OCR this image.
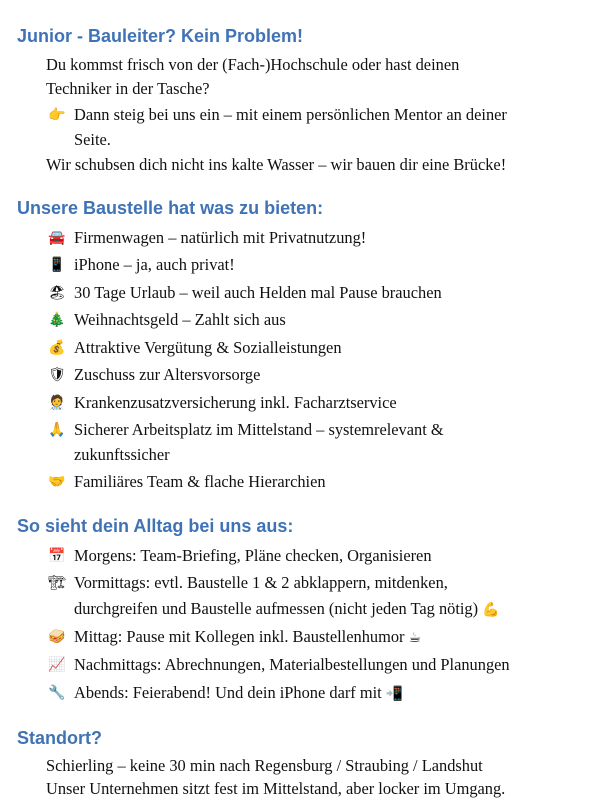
Junior - Bauleiter? Kein Problem!

Du kommst frisch von der (Fach-)Hochschule oder hast deinen

Techniker in der Tasche?

👉 Dann steig bei uns ein – mit einem persönlichen Mentor an deiner

Seite.

Wir schubsen dich nicht ins kalte Wasser – wir bauen dir eine Brücke!

Unsere Baustelle hat was zu bieten:
🚘 Firmenwagen – natürlich mit Privatnutzung!

📱 iPhone – ja, auch privat!

🏖 30 Tage Urlaub – weil auch Helden mal Pause brauchen

🎄 Weihnachtsgeld – Zahlt sich aus

💰 Attraktive Vergütung & Sozialleistungen

🛡 Zuschuss zur Altersvorsorge

🧑‍⚕️ Krankenzusatzversicherung inkl. Facharztservice

🙏 Sicherer Arbeitsplatz im Mittelstand – systemrelevant &

zukunftssicher

🤝 Familiäres Team & flache Hierarchien

So sieht dein Alltag bei uns aus:
📅 Morgens: Team-Briefing, Pläne checken, Organisieren

🏗 Vormittags: evtl. Baustelle 1 & 2 abklappern, mitdenken,

durchgreifen und Baustelle aufmessen (nicht jeden Tag nötig) 💪

🥪 Mittag: Pause mit Kollegen inkl. Baustellenhumor ☕

📈 Nachmittags: Abrechnungen, Materialbestellungen und Planungen

🔧 Abends: Feierabend! Und dein iPhone darf mit 📲

Standort?

Schierling – keine 30 min nach Regensburg / Straubing / Landshut

Unser Unternehmen sitzt fest im Mittelstand, aber locker im Umgang.
